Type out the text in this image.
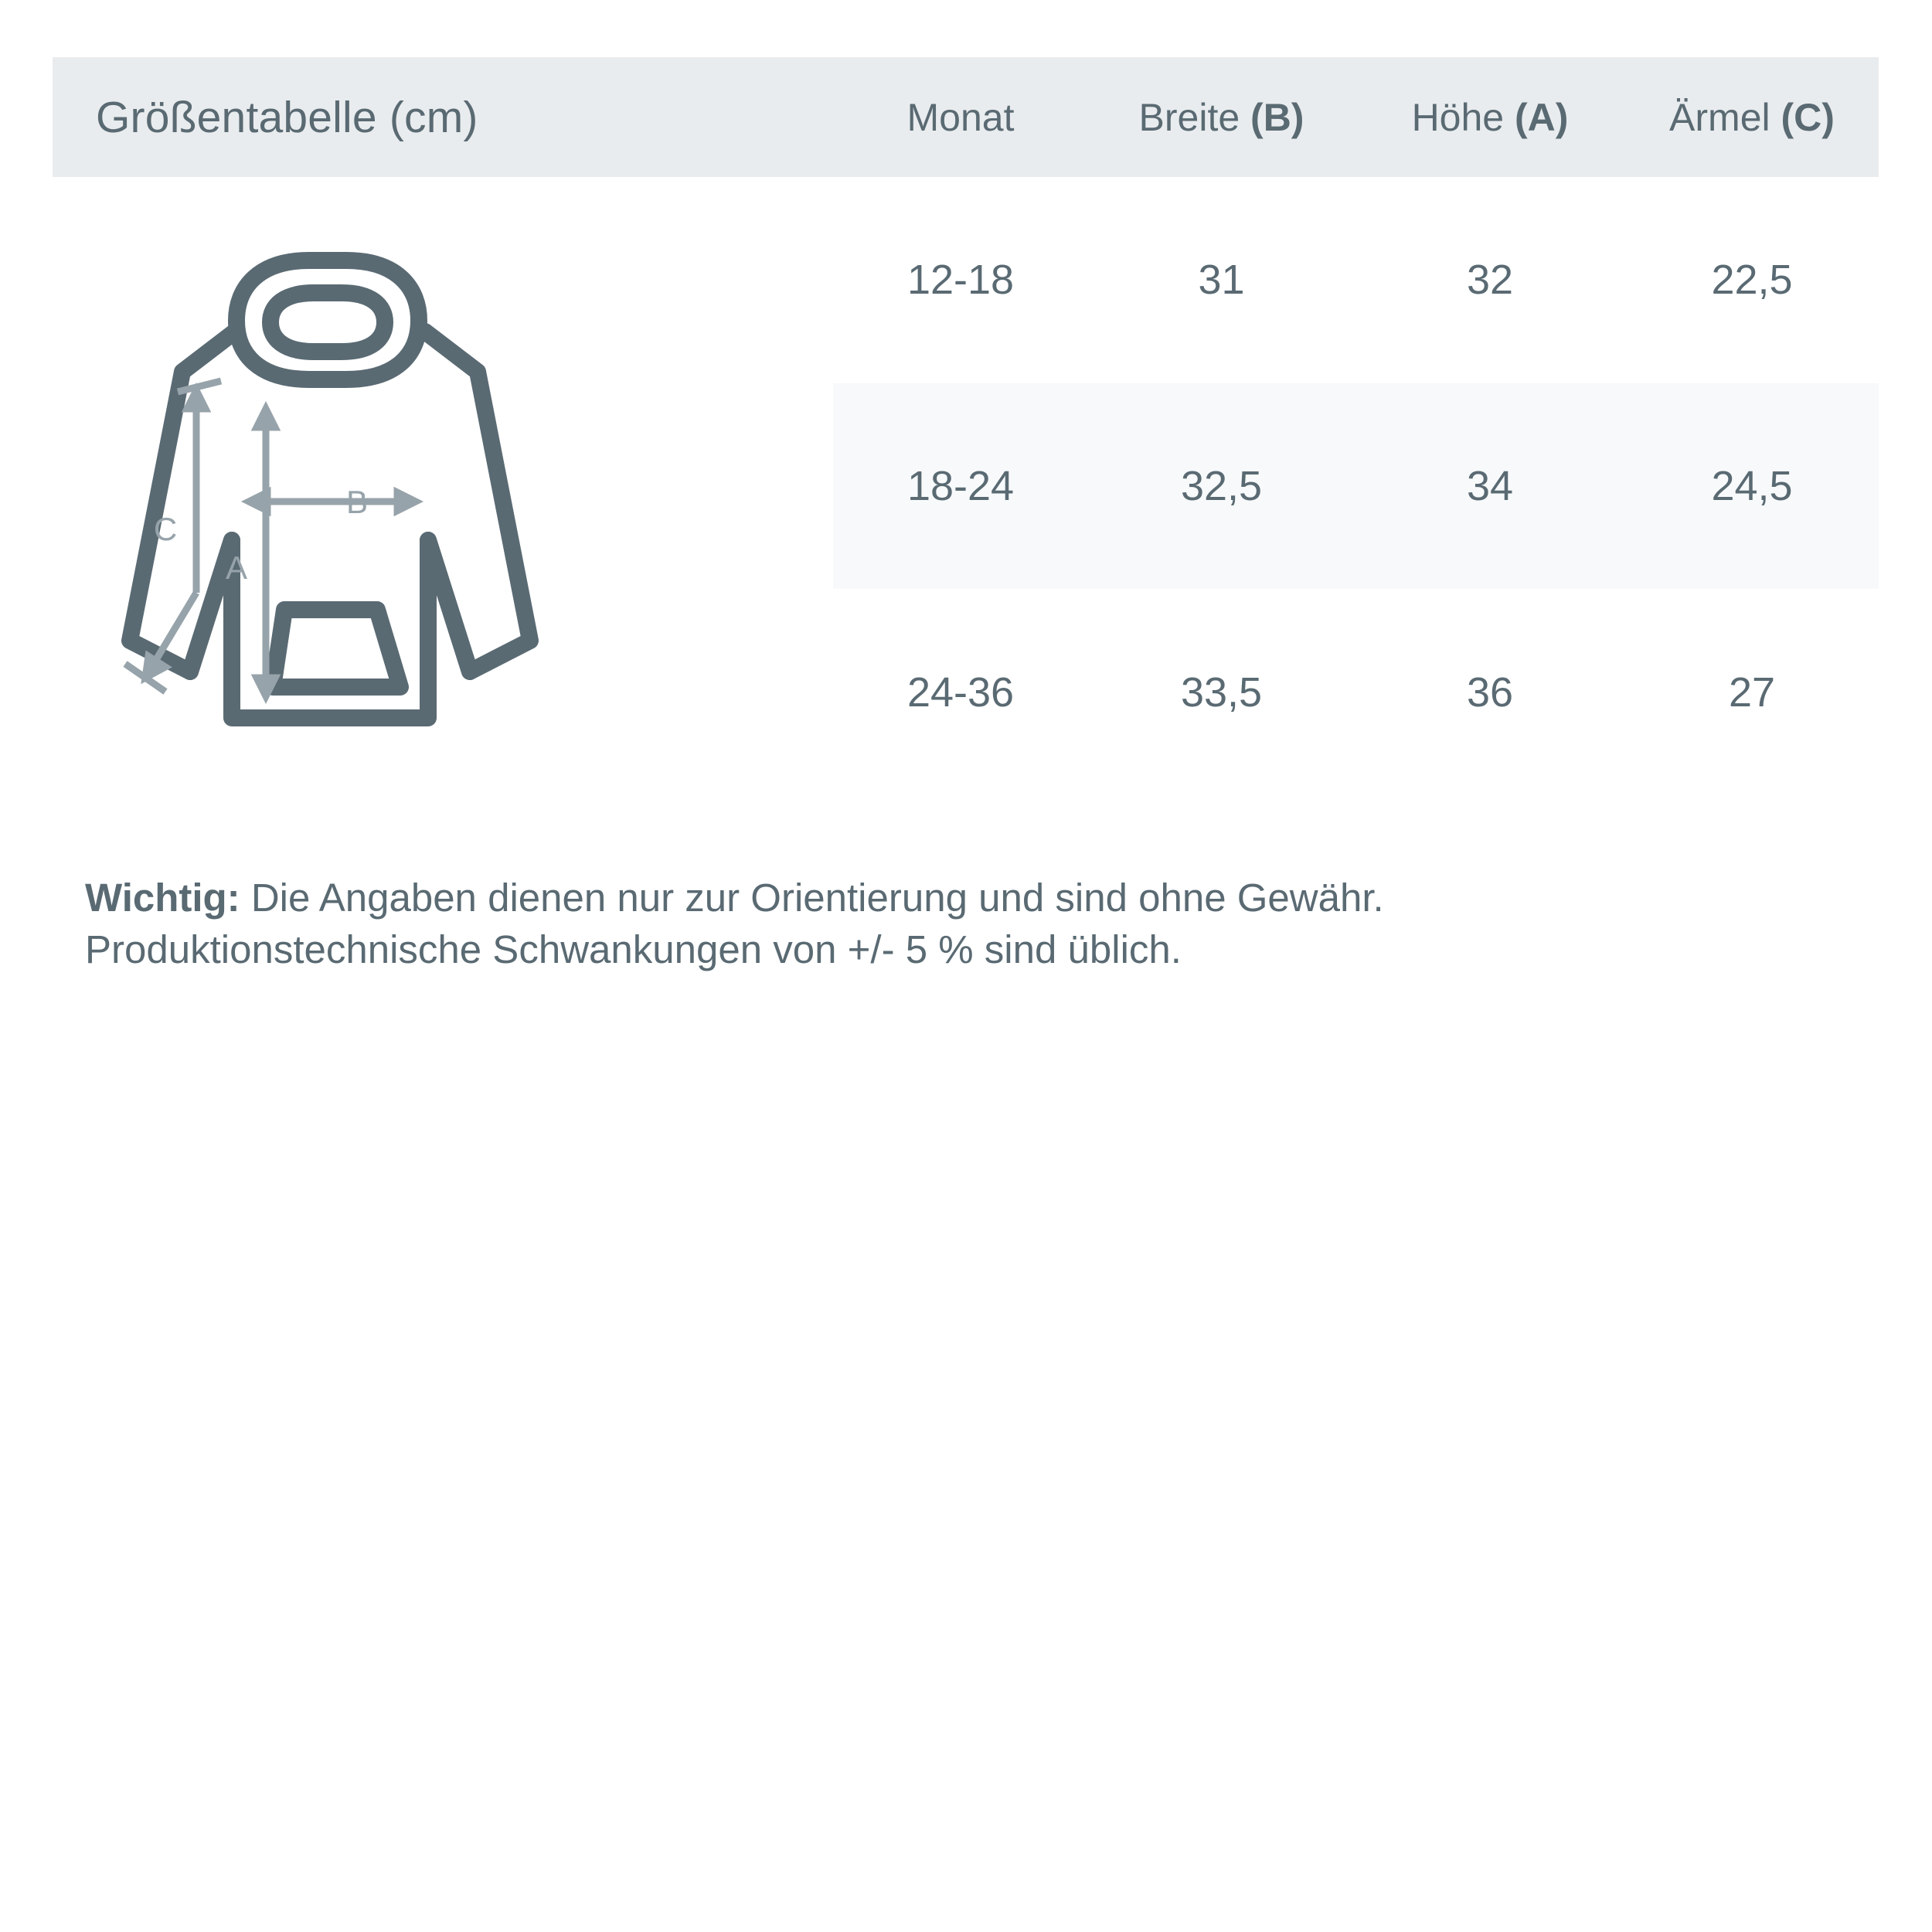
Größentabelle (cm)	Monat	Breite (B)	Höhe (A)	Ärmel (C)

B
A
C	12-18	31	32	22,5
	18-24	32,5	34	24,5
	24-36	33,5	36	27
Wichtig: Die Angaben dienen nur zur Orientierung und sind ohne Gewähr.
Produktionstechnische Schwankungen von +/- 5 % sind üblich.
